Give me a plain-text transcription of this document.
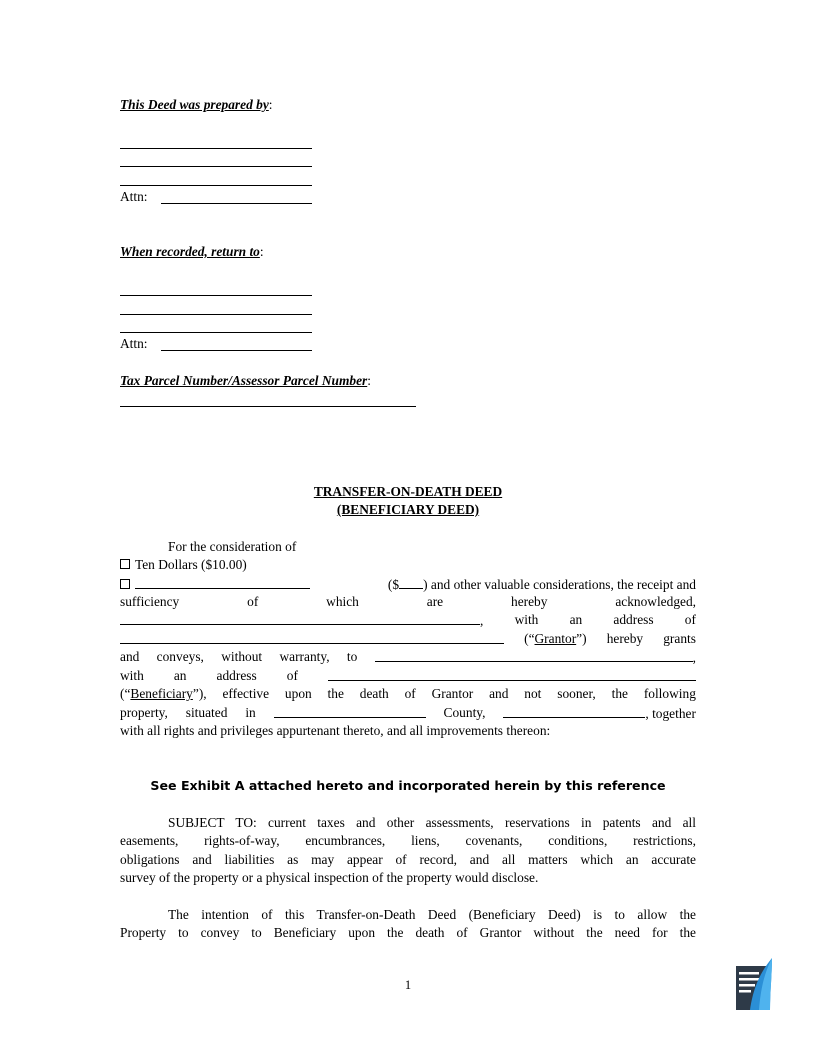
This Deed was prepared by:
Attn:
When recorded, return to:
Attn:
Tax Parcel Number/Assessor Parcel Number:
TRANSFER-ON-DEATH DEED
(BENEFICIARY DEED)
For the consideration of
Ten Dollars ($10.00)
($ ) and other valuable considerations, the receipt and
sufficiency	of	which	are	hereby	acknowledged,
, with an address of
(“Grantor”) hereby grants
and conveys, without warranty, to	,
with an address of
(“Beneficiary”), effective upon the death of Grantor and not sooner, the following
property, situated in	County,	, together
with all rights and privileges appurtenant thereto, and all improvements thereon:
See Exhibit A attached hereto and incorporated herein by this reference
SUBJECT TO: current taxes and other assessments, reservations in patents and all
easements, rights-of-way, encumbrances, liens, covenants, conditions, restrictions,
obligations and liabilities as may appear of record, and all matters which an accurate
survey of the property or a physical inspection of the property would disclose.
The intention of this Transfer-on-Death Deed (Beneficiary Deed) is to allow the
Property to convey to Beneficiary upon the death of Grantor without the need for the
1
